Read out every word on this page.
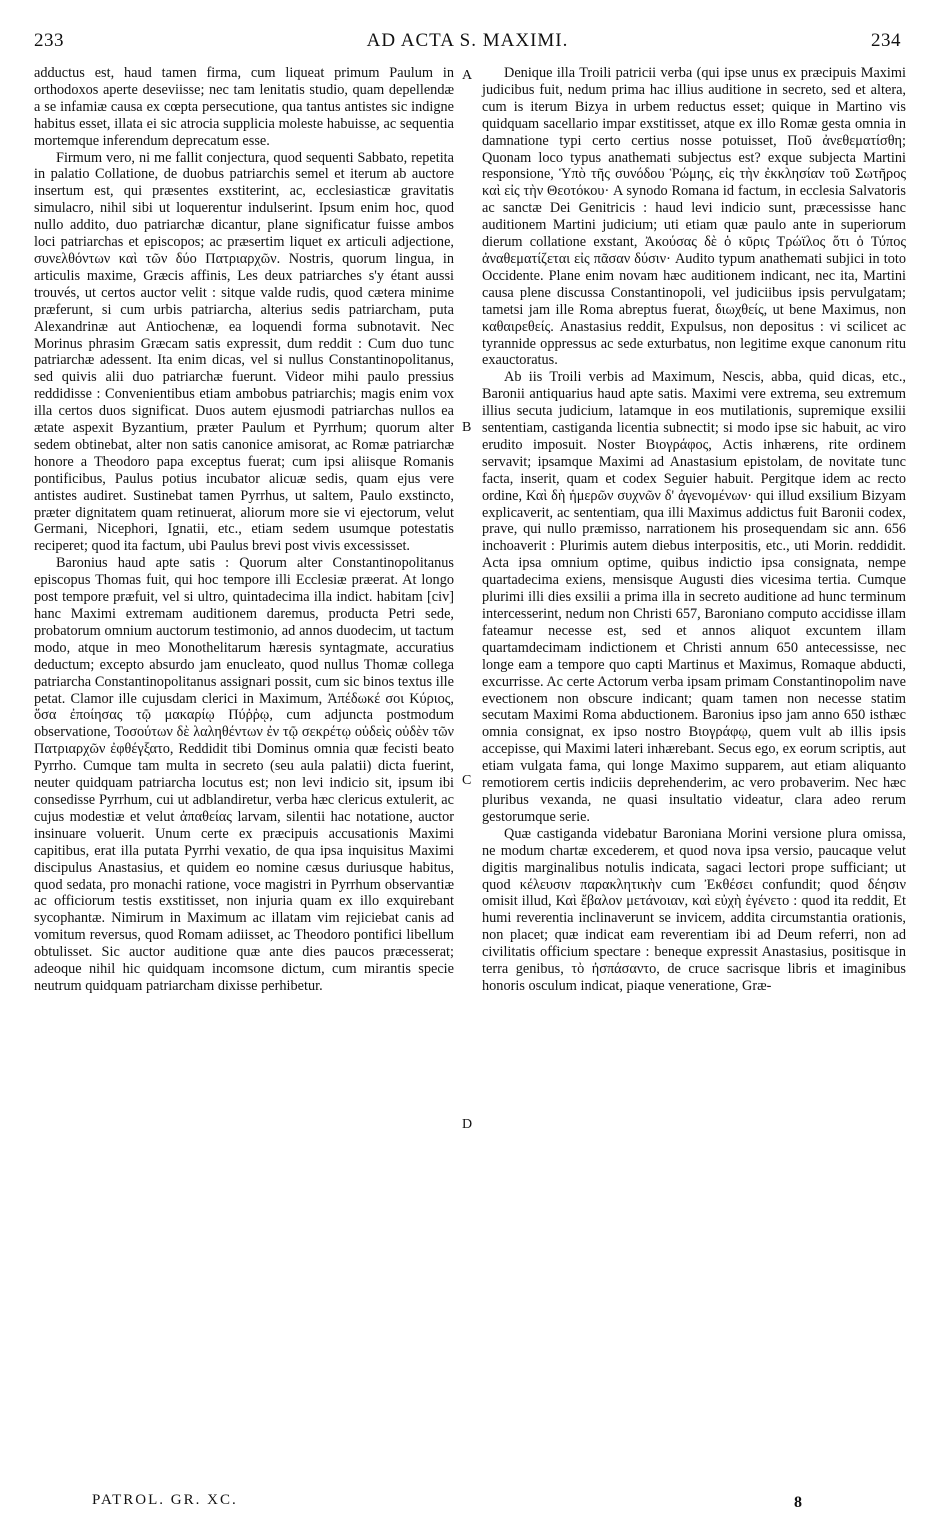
233	AD ACTA S. MAXIMI.	234

adductus est, haud tamen firma, cum liqueat primum Paulum in orthodoxos aperte deseviisse; nec tam lenitatis studio, quam depellendæ a se infamiæ causa ex cœpta persecutione, qua tantus antistes sic indigne habitus esset, illata ei sic atrocia supplicia moleste habuisse, ac sequentia mortemque inferendum deprecatum esse.

Firmum vero, ni me fallit conjectura, quod sequenti Sabbato, repetita in palatio Collatione, de duobus patriarchis semel et iterum ab auctore insertum est, qui præsentes exstiterint, ac, ecclesiasticæ gravitatis simulacro, nihil sibi ut loquerentur indulserint. Ipsum enim hoc, quod nullo addito, duo patriarchæ dicantur, plane significatur fuisse ambos loci patriarchas et episcopos; ac præsertim liquet ex articuli adjectione, συνελθόντων καὶ τῶν δύο Πατριαρχῶν. Nostris, quorum lingua, in articulis maxime, Græcis affinis, Les deux patriarches s'y étant aussi trouvés, ut certos auctor velit : sitque valde rudis, quod cætera minime præferunt, si cum urbis patriarcha, alterius sedis patriarcham, puta Alexandrinæ aut Antiochenæ, ea loquendi forma subnotavit. Nec Morinus phrasim Græcam satis expressit, dum reddit : Cum duo tunc patriarchæ adessent. Ita enim dicas, vel si nullus Constantinopolitanus, sed quivis alii duo patriarchæ fuerunt. Videor mihi paulo pressius reddidisse : Convenientibus etiam ambobus patriarchis; magis enim vox illa certos duos significat. Duos autem ejusmodi patriarchas nullos ea ætate aspexit Byzantium, præter Paulum et Pyrrhum; quorum alter sedem obtinebat, alter non satis canonice amisorat, ac Romæ patriarchæ honore a Theodoro papa exceptus fuerat; cum ipsi aliisque Romanis pontificibus, Paulus potius incubator alicuæ sedis, quam ejus vere antistes audiret. Sustinebat tamen Pyrrhus, ut saltem, Paulo exstincto, præter dignitatem quam retinuerat, aliorum more sie vi ejectorum, velut Germani, Nicephori, Ignatii, etc., etiam sedem usumque potestatis reciperet; quod ita factum, ubi Paulus brevi post vivis excessisset.

Baronius haud apte satis : Quorum alter Constantinopolitanus episcopus Thomas fuit, qui hoc tempore illi Ecclesiæ præerat. At longo post tempore præfuit, vel si ultro, quintadecima illa indict. habitam [civ] hanc Maximi extremam auditionem daremus, producta Petri sede, probatorum omnium auctorum testimonio, ad annos duodecim, ut tactum modo, atque in meo Monothelitarum hæresis syntagmate, accuratius deductum; excepto absurdo jam enucleato, quod nullus Thomæ collega patriarcha Constantinopolitanus assignari possit, cum sic binos textus ille petat. Clamor ille cujusdam clerici in Maximum, Ἀπέδωκέ σοι Κύριος, ὅσα ἐποίησας τῷ μακαρίῳ Πύῤῥῳ, cum adjuncta postmodum observatione, Τοσούτων δὲ λαληθέντων ἐν τῷ σεκρέτῳ οὐδεὶς οὐδὲν τῶν Πατριαρχῶν ἐφθέγξατο, Reddidit tibi Dominus omnia quæ fecisti beato Pyrrho. Cumque tam multa in secreto (seu aula palatii) dicta fuerint, neuter quidquam patriarcha locutus est; non levi indicio sit, ipsum ibi consedisse Pyrrhum, cui ut adblandiretur, verba hæc clericus extulerit, ac cujus modestiæ et velut ἀπαθείας larvam, silentii hac notatione, auctor insinuare voluerit. Unum certe ex præcipuis accusationis Maximi capitibus, erat illa putata Pyrrhi vexatio, de qua ipsa inquisitus Maximi discipulus Anastasius, et quidem eo nomine cæsus duriusque habitus, quod sedata, pro monachi ratione, voce magistri in Pyrrhum observantiæ ac officiorum testis exstitisset, non injuria quam ex illo exquirebant sycophantæ. Nimirum in Maximum ac illatam vim rejiciebat canis ad vomitum reversus, quod Romam adiisset, ac Theodoro pontifici libellum obtulisset. Sic auctor auditione quæ ante dies paucos præcesserat; adeoque nihil hic quidquam incomsone dictum, cum mirantis specie neutrum quidquam patriarcham dixisse perhibetur.

A
B
C
D

Denique illa Troili patricii verba (qui ipse unus ex præcipuis Maximi judicibus fuit, nedum prima hac illius auditione in secreto, sed et altera, cum is iterum Bizya in urbem reductus esset; quique in Martino vis quidquam sacellario impar exstitisset, atque ex illo Romæ gesta omnia in damnatione typi certo certius nosse potuisset, Ποῦ ἀνεθεματίσθη; Quonam loco typus anathemati subjectus est? exque subjecta Martini responsione, Ὑπὸ τῆς συνόδου Ῥώμης, εἰς τὴν ἐκκλησίαν τοῦ Σωτῆρος καὶ εἰς τὴν Θεοτόκου· A synodo Romana id factum, in ecclesia Salvatoris ac sanctæ Dei Genitricis : haud levi indicio sunt, præcessisse hanc auditionem Martini judicium; uti etiam quæ paulo ante in superiorum dierum collatione exstant, Ἀκούσας δὲ ὁ κῦρις Τρώϊλος ὅτι ὁ Τύπος ἀναθεματίζεται εἰς πᾶσαν δύσιν· Audito typum anathemati subjici in toto Occidente. Plane enim novam hæc auditionem indicant, nec ita, Martini causa plene discussa Constantinopoli, vel judiciibus ipsis pervulgatam; tametsi jam ille Roma abreptus fuerat, διωχθείς, ut bene Maximus, non καθαιρεθείς. Anastasius reddit, Expulsus, non depositus : vi scilicet ac tyrannide oppressus ac sede exturbatus, non legitime exque canonum ritu exauctoratus.

Ab iis Troili verbis ad Maximum, Nescis, abba, quid dicas, etc., Baronii antiquarius haud apte satis. Maximi vere extrema, seu extremum illius secuta judicium, latamque in eos mutilationis, supremique exsilii sententiam, castiganda licentia subnectit; si modo ipse sic habuit, ac viro erudito imposuit. Noster Βιογράφος, Actis inhærens, rite ordinem servavit; ipsamque Maximi ad Anastasium epistolam, de novitate tunc facta, inserit, quam et codex Seguier habuit. Pergitque idem ac recto ordine, Καὶ δὴ ἡμερῶν συχνῶν δ' ἀγενομένων· qui illud exsilium Bizyam explicaverit, ac sententiam, qua illi Maximus addictus fuit Baronii codex, prave, qui nullo præmisso, narrationem his prosequendam sic ann. 656 inchoaverit : Plurimis autem diebus interpositis, etc., uti Morin. reddidit. Acta ipsa omnium optime, quibus indictio ipsa consignata, nempe quartadecima exiens, mensisque Augusti dies vicesima tertia. Cumque plurimi illi dies exsilii a prima illa in secreto auditione ad hunc terminum intercesserint, nedum non Christi 657, Baroniano computo accidisse illam fateamur necesse est, sed et annos aliquot excuntem illam quartamdecimam indictionem et Christi annum 650 antecessisse, nec longe eam a tempore quo capti Martinus et Maximus, Romaque abducti, excurrisse. Ac certe Actorum verba ipsam primam Constantinopolim nave evectionem non obscure indicant; quam tamen non necesse statim secutam Maximi Roma abductionem. Baronius ipso jam anno 650 isthæc omnia consignat, ex ipso nostro Βιογράφῳ, quem vult ab illis ipsis accepisse, qui Maximi lateri inhærebant. Secus ego, ex eorum scriptis, aut etiam vulgata fama, qui longe Maximo supparem, aut etiam aliquanto remotiorem certis indiciis deprehenderim, ac vero probaverim. Nec hæc pluribus vexanda, ne quasi insultatio videatur, clara adeo rerum gestorumque serie.

Quæ castiganda videbatur Baroniana Morini versione plura omissa, ne modum chartæ excederem, et quod nova ipsa versio, paucaque velut digitis marginalibus notulis indicata, sagaci lectori prope sufficiant; ut quod κέλευσιν παρακλητικὴν cum Ἐκθέσει confundit; quod δέησιν omisit illud, Καὶ ἔβαλον μετάνοιαν, καὶ εὐχὴ ἐγένετο : quod ita reddit, Et humi reverentia inclinaverunt se invicem, addita circumstantia orationis, non placet; quæ indicat eam reverentiam ibi ad Deum referri, non ad civilitatis officium spectare : beneque expressit Anastasius, positisque in terra genibus, τὸ ἠσπάσαντο, de cruce sacrisque libris et imaginibus honoris osculum indicat, piaque veneratione, Græ-

PATROL. GR. XC.	8
